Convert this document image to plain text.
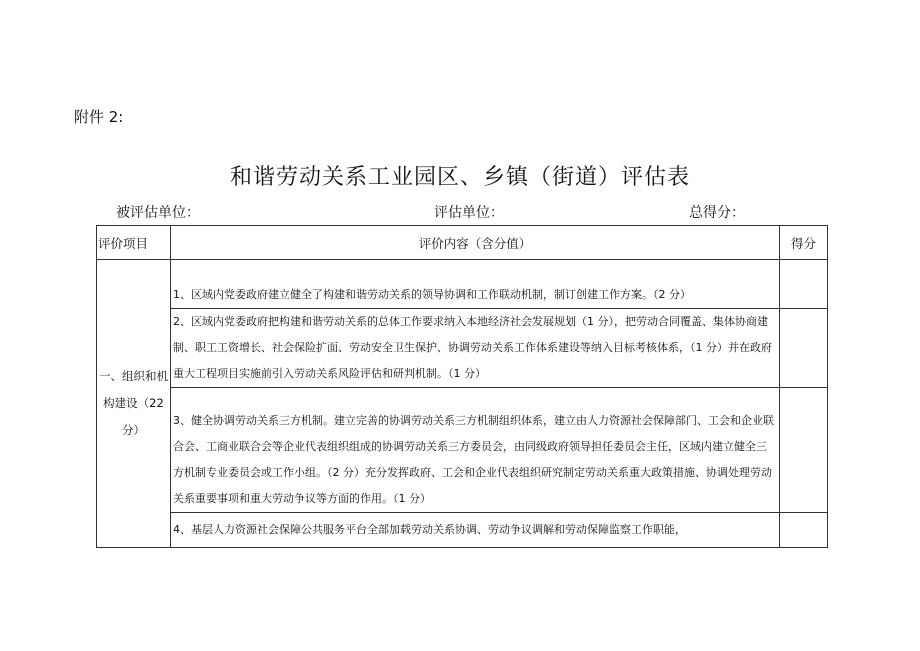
附件 2:
和谐劳动关系工业园区、乡镇（街道）评估表
被评估单位：	评估单位：	总得分：
评价项目	评价内容（含分值）	得分
一、组织和机构建设（22分）	1、区域内党委政府建立健全了构建和谐劳动关系的领导协调和工作联动机制，制订创建工作方案。（2 分）	

	2、区域内党委政府把构建和谐劳动关系的总体工作要求纳入本地经济社会发展规划（1 分），把劳动合同覆盖、集体协商建制、职工工资增长、社会保险扩面、劳动安全卫生保护、协调劳动关系工作体系建设等纳入目标考核体系，（1 分）并在政府重大工程项目实施前引入劳动关系风险评估和研判机制。（1 分）	

	3、健全协调劳动关系三方机制。建立完善的协调劳动关系三方机制组织体系，建立由人力资源社会保障部门、工会和企业联合会、工商业联合会等企业代表组织组成的协调劳动关系三方委员会，由同级政府领导担任委员会主任，区域内建立健全三方机制专业委员会或工作小组。（2 分）充分发挥政府、工会和企业代表组织研究制定劳动关系重大政策措施、协调处理劳动关系重要事项和重大劳动争议等方面的作用。（1 分）	

	4、基层人力资源社会保障公共服务平台全部加载劳动关系协调、劳动争议调解和劳动保障监察工作职能，	
